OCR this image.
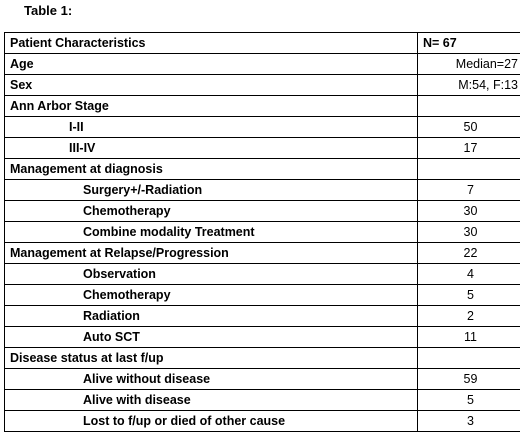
Table 1:
Patient Characteristics	N= 67
Age	Median=27
Sex	M:54, F:13
Ann Arbor Stage	
I-II	50
III-IV	17
Management at diagnosis	
Surgery+/-Radiation	7
Chemotherapy	30
Combine modality Treatment	30
Management at Relapse/Progression	22
Observation	4
Chemotherapy	5
Radiation	2
Auto SCT	11
Disease status at last f/up	
Alive without disease	59
Alive with disease	5
Lost to f/up or died of other cause	3
